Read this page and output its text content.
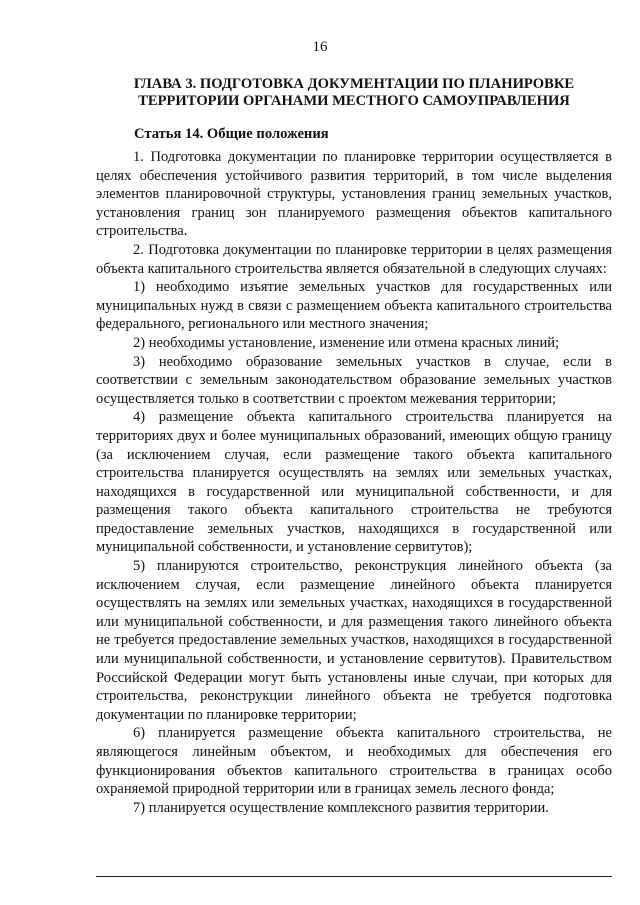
16
ГЛАВА 3. ПОДГОТОВКА ДОКУМЕНТАЦИИ ПО ПЛАНИРОВКЕ
ТЕРРИТОРИИ ОРГАНАМИ МЕСТНОГО САМОУПРАВЛЕНИЯ
Статья 14. Общие положения

1. Подготовка документации по планировке территории осуществляется в целях обеспечения устойчивого развития территорий, в том числе выделения элементов планировочной структуры, установления границ земельных участков, установления границ зон планируемого размещения объектов капитального строительства.

2. Подготовка документации по планировке территории в целях размещения объекта капитального строительства является обязательной в следующих случаях:

1) необходимо изъятие земельных участков для государственных или муниципальных нужд в связи с размещением объекта капитального строительства федерального, регионального или местного значения;

2) необходимы установление, изменение или отмена красных линий;

3) необходимо образование земельных участков в случае, если в соответствии с земельным законодательством образование земельных участков осуществляется только в соответствии с проектом межевания территории;

4) размещение объекта капитального строительства планируется на территориях двух и более муниципальных образований, имеющих общую границу (за исключением случая, если размещение такого объекта капитального строительства планируется осуществлять на землях или земельных участках, находящихся в государственной или муниципальной собственности, и для размещения такого объекта капитального строительства не требуются предоставление земельных участков, находящихся в государственной или муниципальной собственности, и установление сервитутов);

5) планируются строительство, реконструкция линейного объекта (за исключением случая, если размещение линейного объекта планируется осуществлять на землях или земельных участках, находящихся в государственной или муниципальной собственности, и для размещения такого линейного объекта не требуется предоставление земельных участков, находящихся в государственной или муниципальной собственности, и установление сервитутов). Правительством Российской Федерации могут быть установлены иные случаи, при которых для строительства, реконструкции линейного объекта не требуется подготовка документации по планировке территории;

6) планируется размещение объекта капитального строительства, не являющегося линейным объектом, и необходимых для обеспечения его функционирования объектов капитального строительства в границах особо охраняемой природной территории или в границах земель лесного фонда;

7) планируется осуществление комплексного развития территории.
